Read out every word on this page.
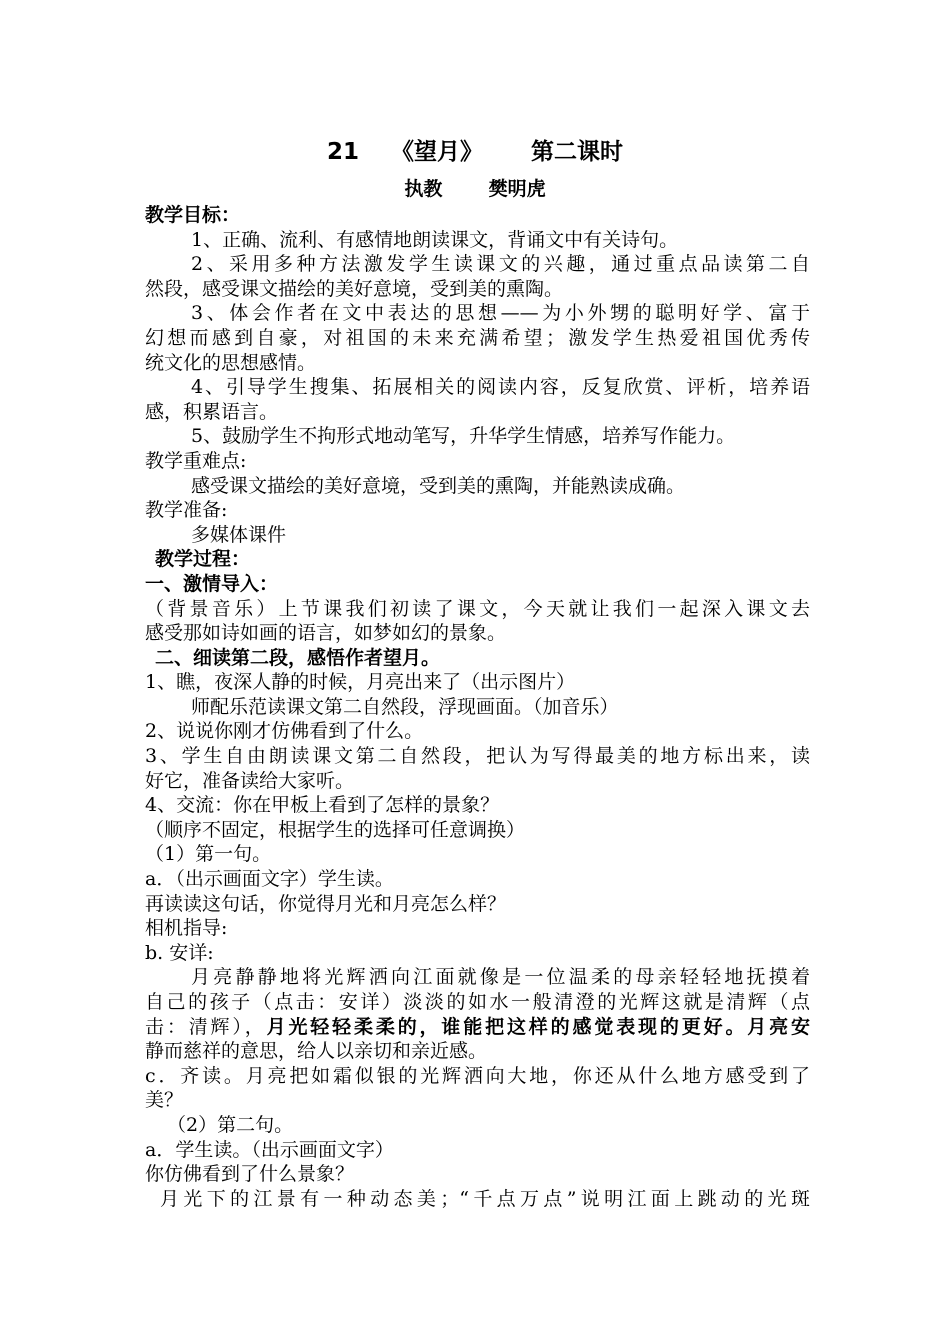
21    《望月》      第二课时
执教       樊明虎

教学目标：

1、正确、流利、有感情地朗读课文，背诵文中有关诗句。

2、采用多种方法激发学生读课文的兴趣，通过重点品读第二自

然段，感受课文描绘的美好意境，受到美的熏陶。

3、体会作者在文中表达的思想——为小外甥的聪明好学、富于

幻想而感到自豪，对祖国的未来充满希望；激发学生热爱祖国优秀传

统文化的思想感情。

4、引导学生搜集、拓展相关的阅读内容，反复欣赏、评析，培养语

感，积累语言。

5、鼓励学生不拘形式地动笔写，升华学生情感，培养写作能力。

教学重难点:

感受课文描绘的美好意境，受到美的熏陶，并能熟读成确。

教学准备:

多媒体课件

教学过程：

一、激情导入：

（背景音乐）上节课我们初读了课文，今天就让我们一起深入课文去

感受那如诗如画的语言，如梦如幻的景象。

二、细读第二段，感悟作者望月。

1、瞧，夜深人静的时候，月亮出来了（出示图片）

师配乐范读课文第二自然段，浮现画面。（加音乐）

2、说说你刚才仿佛看到了什么。

3、学生自由朗读课文第二自然段，把认为写得最美的地方标出来，读

好它，准备读给大家听。

4、交流：你在甲板上看到了怎样的景象？

（顺序不固定，根据学生的选择可任意调换）

（1）第一句。

a．（出示画面文字）学生读。

再读读这句话，你觉得月光和月亮怎么样？

相机指导:

b. 安详:

月亮静静地将光辉洒向江面就像是一位温柔的母亲轻轻地抚摸着

自己的孩子（点击：安详）淡淡的如水一般清澄的光辉这就是清辉（点

击：清辉），月光轻轻柔柔的，谁能把这样的感觉表现的更好。月亮安

静而慈祥的意思，给人以亲切和亲近感。

c．齐读。月亮把如霜似银的光辉洒向大地，你还从什么地方感受到了

美？

（2）第二句。

a．学生读。（出示画面文字）

你仿佛看到了什么景象？

月光下的江景有一种动态美；“千点万点”说明江面上跳动的光斑
